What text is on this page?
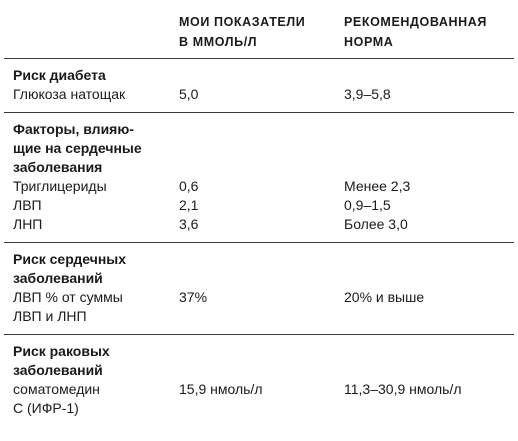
МОИ ПОКАЗАТЕЛИ
В ММОЛЬ/Л
РЕКОМЕНДОВАННАЯ
НОРМА
Риск диабета
Глюкоза натощак	5,0	3,9–5,8
Факторы, влияю-
щие на сердечные
заболевания
Триглицериды	0,6	Менее 2,3
ЛВП	2,1	0,9–1,5
ЛНП	3,6	Более 3,0
Риск сердечных
заболеваний
ЛВП % от суммы
ЛВП и ЛНП
37%	20% и выше
Риск раковых
заболеваний
соматомедин
С (ИФР-1)
15,9 нмоль/л	11,3–30,9 нмоль/л
